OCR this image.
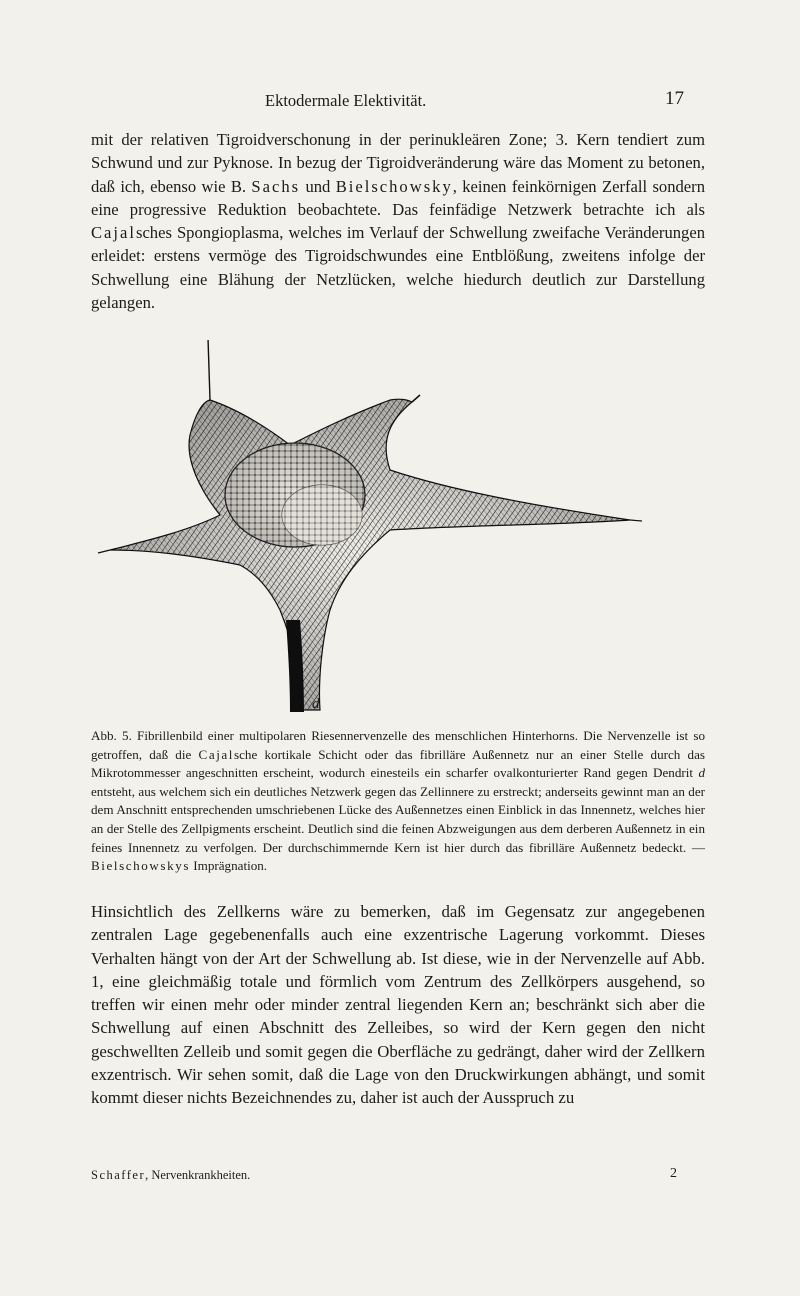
Ektodermale Elektivität.	17

mit der relativen Tigroidverschonung in der perinukleären Zone; 3. Kern tendiert zum Schwund und zur Pyknose. In bezug der Tigroidveränderung wäre das Moment zu betonen, daß ich, ebenso wie B. Sachs und Bielschowsky, keinen feinkörnigen Zerfall sondern eine progressive Reduktion beobachtete. Das feinfädige Netzwerk betrachte ich als Cajalsches Spongioplasma, welches im Verlauf der Schwellung zweifache Veränderungen erleidet: erstens vermöge des Tigroidschwundes eine Entblößung, zweitens infolge der Schwellung eine Blähung der Netzlücken, welche hiedurch deutlich zur Darstellung gelangen.

d

Abb. 5. Fibrillenbild einer multipolaren Riesennervenzelle des menschlichen Hinterhorns. Die Nervenzelle ist so getroffen, daß die Cajalsche kortikale Schicht oder das fibrilläre Außennetz nur an einer Stelle durch das Mikrotommesser angeschnitten erscheint, wodurch einesteils ein scharfer ovalkonturierter Rand gegen Dendrit d entsteht, aus welchem sich ein deutliches Netzwerk gegen das Zellinnere zu erstreckt; anderseits gewinnt man an der dem Anschnitt entsprechenden umschriebenen Lücke des Außennetzes einen Einblick in das Innennetz, welches hier an der Stelle des Zellpigments erscheint. Deutlich sind die feinen Abzweigungen aus dem derberen Außennetz in ein feines Innennetz zu verfolgen. Der durchschimmernde Kern ist hier durch das fibrilläre Außennetz bedeckt. — Bielschowskys Imprägnation.

Hinsichtlich des Zellkerns wäre zu bemerken, daß im Gegensatz zur angegebenen zentralen Lage gegebenenfalls auch eine exzentrische Lagerung vorkommt. Dieses Verhalten hängt von der Art der Schwellung ab. Ist diese, wie in der Nervenzelle auf Abb. 1, eine gleichmäßig totale und förmlich vom Zentrum des Zellkörpers ausgehend, so treffen wir einen mehr oder minder zentral liegenden Kern an; beschränkt sich aber die Schwellung auf einen Abschnitt des Zelleibes, so wird der Kern gegen den nicht geschwellten Zelleib und somit gegen die Oberfläche zu gedrängt, daher wird der Zellkern exzentrisch. Wir sehen somit, daß die Lage von den Druckwirkungen abhängt, und somit kommt dieser nichts Bezeichnendes zu, daher ist auch der Ausspruch zu

Schaffer, Nervenkrankheiten.	2
